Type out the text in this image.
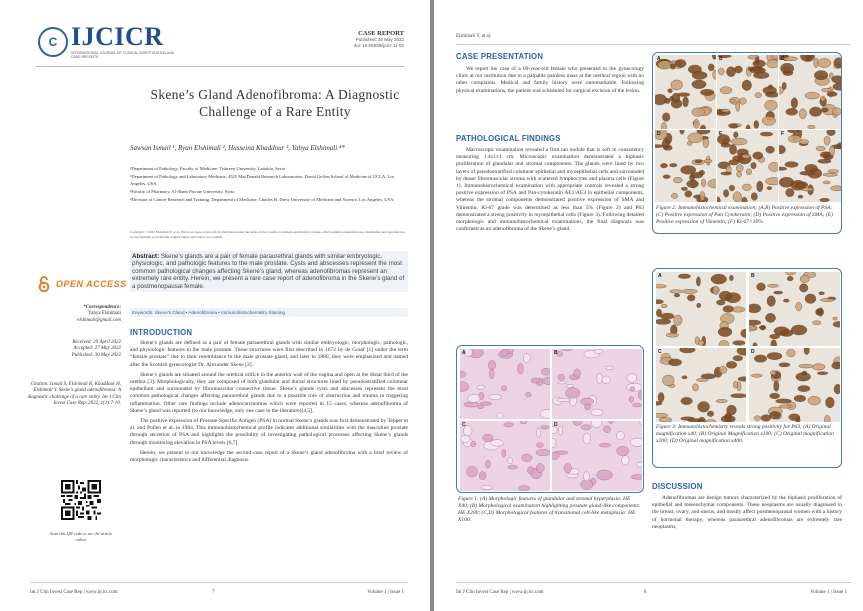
C IJCICR
INTERNATIONAL JOURNAL OF CLINICAL INVESTIGATION AND CASE REPORTS
CASE REPORT
Published: 30 May 2022
doi: 10.55828/ijcicr-11-02
Skene’s Gland Adenofibroma: A Diagnostic Challenge of a Rare Entity
Sawsan Ismail ¹, Ryan Elshimali ², Husseina Khaddour ³, Yahya Elshimali ⁴*
¹Department of Pathology, Faculty of Medicine, Tishreen University, Lattakia, Syria
²Department of Pathology and Laboratory Medicine, 4525 MacDonald Research Laboratories, David Geffen School of Medicine at UCLA, Los Angeles, USA
³Faculty of Pharmacy, Al-Sham Private University, Syria
⁴Division of Cancer Research and Training, Department of Medicine, Charles R. Drew University of Medicine and Science, Los Angeles, USA
Copyright: ©2022 Elshimali Y, et al. This is an open-access article distributed under the terms of the Creative Commons Attribution License, which permits unrestricted use, distribution and reproduction in any medium, provided the original author and source are credited.
Abstract: Skene’s glands are a pair of female paraurethral glands with similar embryologic, physiologic, and pathologic features to the male prostate. Cysts and abscesses represent the most common pathological changes affecting Skene’s gland, whereas adenofibromas represent an extremely rare entity. Herein, we present a rare case report of adenofibroma in the Skene’s gland of a postmenopausal female.
Keywords: Skene’s Gland • Adenofibroma • Immunohistochemistry Staining
OPEN ACCESS
*Correspondence:
Yahya Elshimali
elshimali@gmail.com
Received: 29 April 2022
Accepted: 27 May 2022
Published: 30 May 2022
Citation: Ismail S, Elshimali R, Khaddour H, Elshimali Y. Skene’s gland adenofibroma: A diagnostic challenge of a rare entity. Int J Clin Invest Case Rep. 2022, 1(1):7-10.
Scan this QR code to see the article online
INTRODUCTION

Skene’s glands are defined as a pair of female paraurethral glands with similar embryologic, morphologic, pathologic, and physiologic features to the male prostate. These structures were first described in 1672 by de Graaf [1] under the term “female prostate” due to their resemblance to the male prostate gland, and later in 1880, they were emphasized and named after the Scottish gynecologist Dr. Alexander Skene [2].

Skene’s glands are situated around the urethral orifice in the anterior wall of the vagina and open at the distal third of the urethra [3]. Morphologically, they are composed of both glandular and ductal structures lined by pseudostratified columnar epithelium and surrounded by fibromuscular connective tissue. Skene’s glands cysts and abscesses represent the most common pathological changes affecting paraurethral glands due to a possible role of obstruction and trauma in triggering inflammation. Other rare findings include adenocarcinomas which were reported in 15 cases, whereas adenofibroma of Skene’s gland was reported (to our knowledge, only one case in the literature)[4,5].

The positive expression of Prostate-Specific Antigen (PSA) in normal Skene’s glands was first demonstrated by Tepper et al. and Pollen et al. in 1984. This immunohistochemical profile indicates additional similarities with the masculine prostate through secretion of PSA and highlights the possibility of investigating pathological processes affecting Skene’s glands through monitoring elevation in PSA levels [6,7].

Herein, we present to our knowledge the second case report of a Skene’s gland adenofibroma with a brief review of morphologic characteristics and differential diagnosis.

Int J Clin Invest Case Rep | www.ijcicr.com	7	Volume 1 | Issue 1
Elshimali Y, et al.
CASE PRESENTATION

We report the case of a 69-year-old female who presented to the gynecology clinic at our institution due to a palpable painless mass at the urethral region with no other complaints. Medical and family history were unremarkable. Following physical examinations, the patient was scheduled for surgical excision of the lesion.

PATHOLOGICAL FINDINGS

Macroscopic examination revealed a firm tan nodule that is soft in consistency measuring 1.4x1x1 cm. Microscopic examination demonstrated a biphasic proliferation of glandular and stromal components. The glands were lined by two layers of pseudostratified columnar epithelial and myoepithelial cells and surrounded by dense fibromuscular stroma with scattered lymphocytes and plasma cells (Figure 1). Immunohistochemical examination with appropriate controls revealed a strong positive expression of PSA and Pan-cytokeratin AE1/AE3 in epithelial components, whereas the stromal components demonstrated positive expression of SMA and Vimentin. Ki-67 grade was determined as less than 5% (Figure 2) and P63 demonstrated a strong positivity in myoepithelial cells (Figure 3). Following detailed morphologic and immunohistochemical examinations, the final diagnosis was confirmed as an adenofibroma of the Skene’s gland.

A	B
C	D
Figure 1: (A) Morphologic features of glandular and stromal hyperplasia: HE X40; (B) Morphological examination highlighting prostate gland-like components: HE X200; (C,D) Morphological features of transitional cell-like metaplasia: HE X100.
A	B	C
D	E	F
Figure 2: Immunohistochemical examination; (A,B) Positive expression of PSA; (C) Positive expression of Pan Cytokeratin; (D) Positive expression of SMA; (E) Positive expression of Vimentin; (F) Ki-67<10%.
A	B
C	D
Figure 3: Immunohistochemistry reveals strong positivity for P63; (A) Original magnification x40; (B) Original Magnification x100; (C) Original magnification x200; (D) Original magnification x400.
DISCUSSION

Adenofibromas are benign tumors characterized by the biphasic proliferation of epithelial and mesenchymal components. These neoplasms are usually diagnosed in the breast, ovary, and uterus, and mostly affect postmenopausal women with a history of hormonal therapy, whereas paraurethral adenofibromas are extremely rare neoplasms,

Int J Clin Invest Case Rep | www.ijcicr.com	8	Volume 1 | Issue 1
